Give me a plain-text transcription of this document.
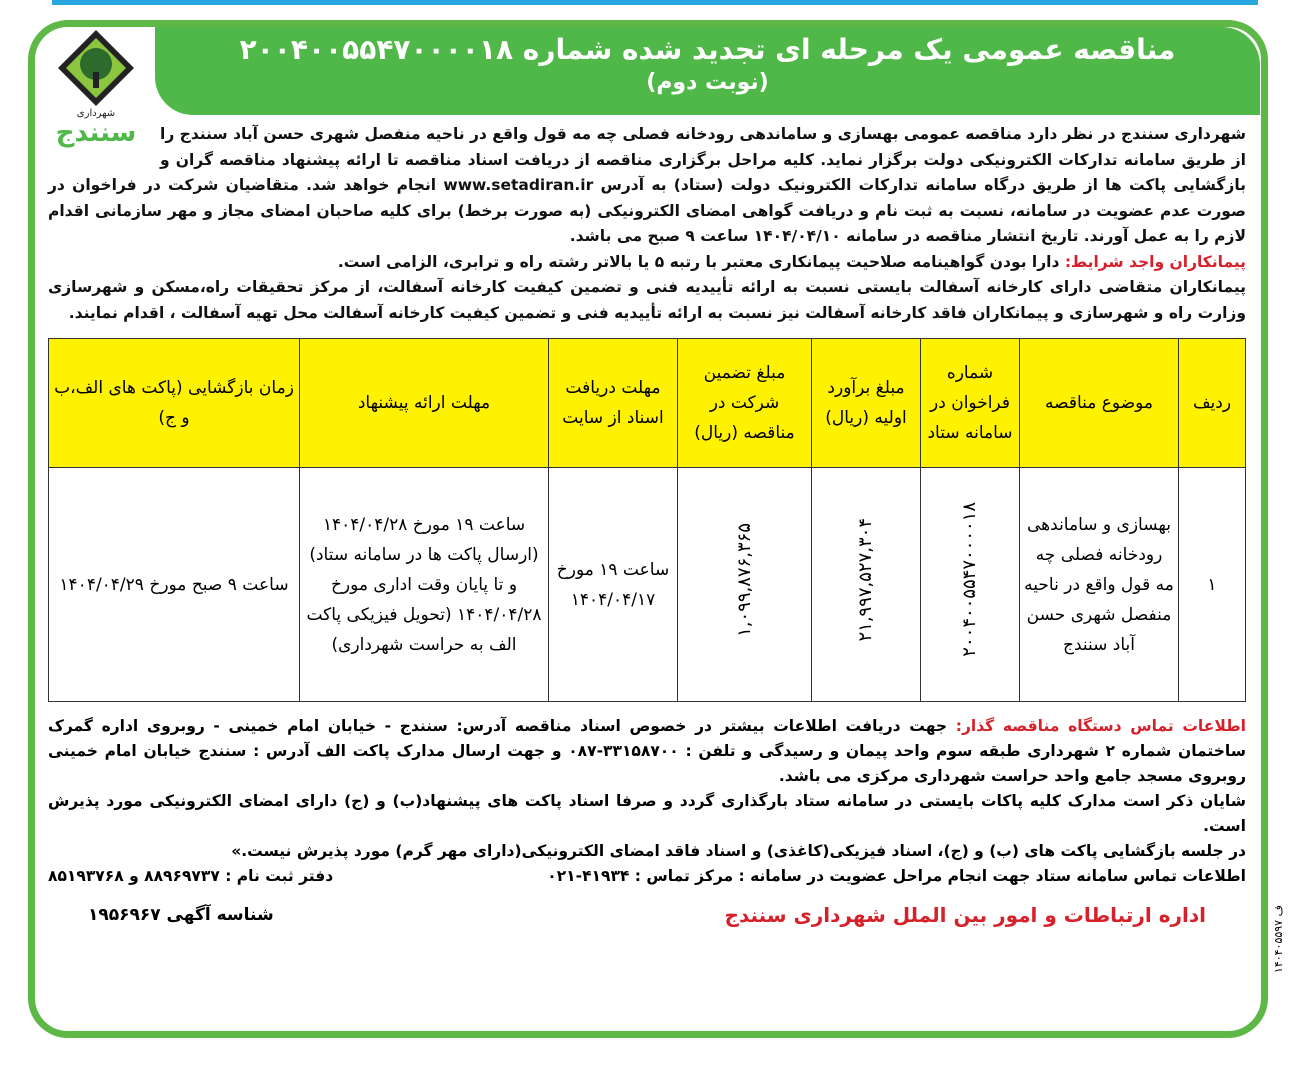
شهرداری
سنندج
مناقصه عمومی یک مرحله ای تجدید شده شماره ۲۰۰۴۰۰۵۵۴۷۰۰۰۰۱۸
(نوبت دوم)

شهرداری سنندج در نظر دارد مناقصه عمومی بهسازی و ساماندهی رودخانه فصلی چه مه قول واقع در ناحیه منفصل شهری حسن آباد سنندج را از طریق سامانه تدارکات الکترونیکی دولت برگزار نماید. کلیه مراحل برگزاری مناقصه از دریافت اسناد مناقصه تا ارائه پیشنهاد مناقصه گران و بازگشایی پاکت ها از طریق درگاه سامانه تدارکات الکترونیک دولت (ستاد) به آدرس www.setadiran.ir انجام خواهد شد. متقاضیان شرکت در فراخوان در صورت عدم عضویت در سامانه، نسبت به ثبت نام و دریافت گواهی امضای الکترونیکی (به صورت برخط) برای کلیه صاحبان امضای مجاز و مهر سازمانی اقدام لازم را به عمل آورند. تاریخ انتشار مناقصه در سامانه ۱۴۰۴/۰۴/۱۰ ساعت ۹ صبح می باشد.

پیمانکاران واجد شرایط: دارا بودن گواهینامه صلاحیت پیمانکاری معتبر با رتبه ۵ یا بالاتر رشته راه و ترابری، الزامی است.

پیمانکاران متقاضی دارای کارخانه آسفالت بایستی نسبت به ارائه تأییدیه فنی و تضمین کیفیت کارخانه آسفالت، از مرکز تحقیقات راه،مسکن و شهرسازی وزارت راه و شهرسازی و پیمانکاران فاقد کارخانه آسفالت نیز نسبت به ارائه تأییدیه فنی و تضمین کیفیت کارخانه آسفالت محل تهیه آسفالت ، اقدام نمایند.

ردیف	موضوع مناقصه	شماره فراخوان در سامانه ستاد	مبلغ برآورد اولیه (ریال)	مبلغ تضمین شرکت در مناقصه (ریال)	مهلت دریافت اسناد از سایت	مهلت ارائه پیشنهاد	زمان بازگشایی (پاکت های الف،ب و ج)
۱	بهسازی و ساماندهی رودخانه فصلی چه مه قول واقع در ناحیه منفصل شهری حسن آباد سنندج	۲۰۰۴۰۰۵۵۴۷۰۰۰۰۱۸	۲۱,۹۹۷,۵۲۷,۳۰۴	۱,۰۹۹,۸۷۶,۳۶۵	ساعت ۱۹ مورخ ۱۴۰۴/۰۴/۱۷	ساعت ۱۹ مورخ ۱۴۰۴/۰۴/۲۸ (ارسال پاکت ها در سامانه ستاد) و تا پایان وقت اداری مورخ ۱۴۰۴/۰۴/۲۸ (تحویل فیزیکی پاکت الف به حراست شهرداری)	ساعت ۹ صبح مورخ ۱۴۰۴/۰۴/۲۹

اطلاعات تماس دستگاه مناقصه گذار: جهت دریافت اطلاعات بیشتر در خصوص اسناد مناقصه آدرس: سنندج - خیابان امام خمینی - روبروی اداره گمرک ساختمان شماره ۲ شهرداری طبقه سوم واحد پیمان و رسیدگی و تلفن : ۳۳۱۵۸۷۰۰-۰۸۷ و جهت ارسال مدارک پاکت الف آدرس : سنندج خیابان امام خمینی روبروی مسجد جامع واحد حراست شهرداری مرکزی می باشد.

شایان ذکر است مدارک کلیه پاکات بایستی در سامانه ستاد بارگذاری گردد و صرفا اسناد پاکت های پیشنهاد(ب) و (ج) دارای امضای الکترونیکی مورد پذیرش است.

در جلسه بازگشایی پاکت های (ب) و (ج)، اسناد فیزیکی(کاغذی) و اسناد فاقد امضای الکترونیکی(دارای مهر گرم) مورد پذیرش نیست.»

اطلاعات تماس سامانه ستاد جهت انجام مراحل عضویت در سامانه : مرکز تماس : ۴۱۹۳۴-۰۲۱
دفتر ثبت نام : ۸۸۹۶۹۷۳۷ و ۸۵۱۹۳۷۶۸

اداره ارتباطات و امور بین الملل شهرداری سنندج
شناسه آگهی ۱۹۵۶۹۶۷
۱۴۰۴۰۵۵۹۷ ف
